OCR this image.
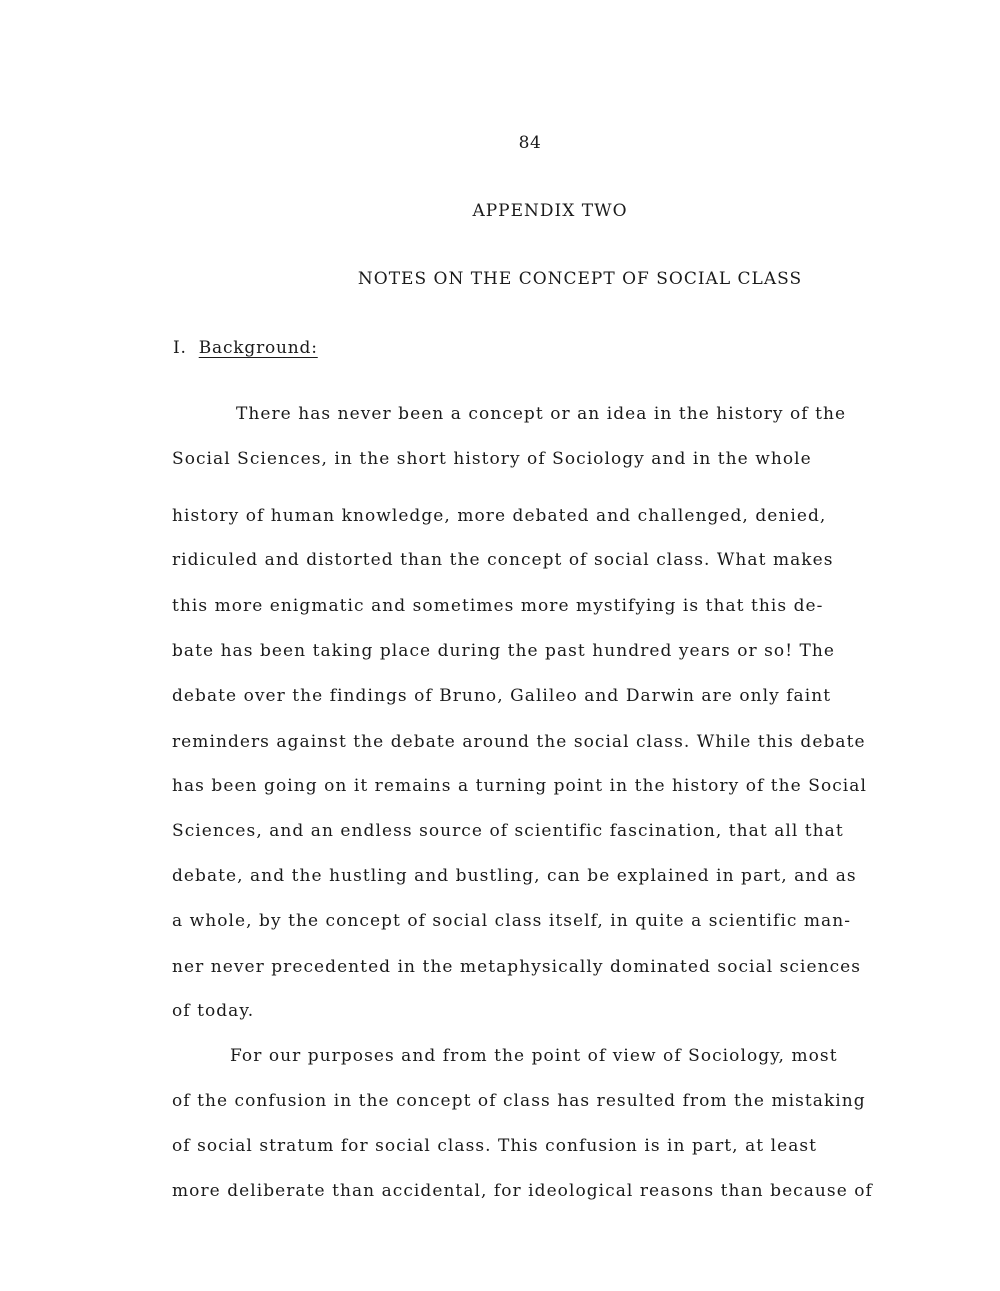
84
APPENDIX TWO
NOTES ON THE CONCEPT OF SOCIAL CLASS
I. Background:
There has never been a concept or an idea in the history of the
Social Sciences, in the short history of Sociology and in the whole
history of human knowledge, more debated and challenged, denied,
ridiculed and distorted than the concept of social class. What makes
this more enigmatic and sometimes more mystifying is that this de-
bate has been taking place during the past hundred years or so! The
debate over the findings of Bruno, Galileo and Darwin are only faint
reminders against the debate around the social class. While this debate
has been going on it remains a turning point in the history of the Social
Sciences, and an endless source of scientific fascination, that all that
debate, and the hustling and bustling, can be explained in part, and as
a whole, by the concept of social class itself, in quite a scientific man-
ner never precedented in the metaphysically dominated social sciences
of today.
For our purposes and from the point of view of Sociology, most
of the confusion in the concept of class has resulted from the mistaking
of social stratum for social class. This confusion is in part, at least
more deliberate than accidental, for ideological reasons than because of
